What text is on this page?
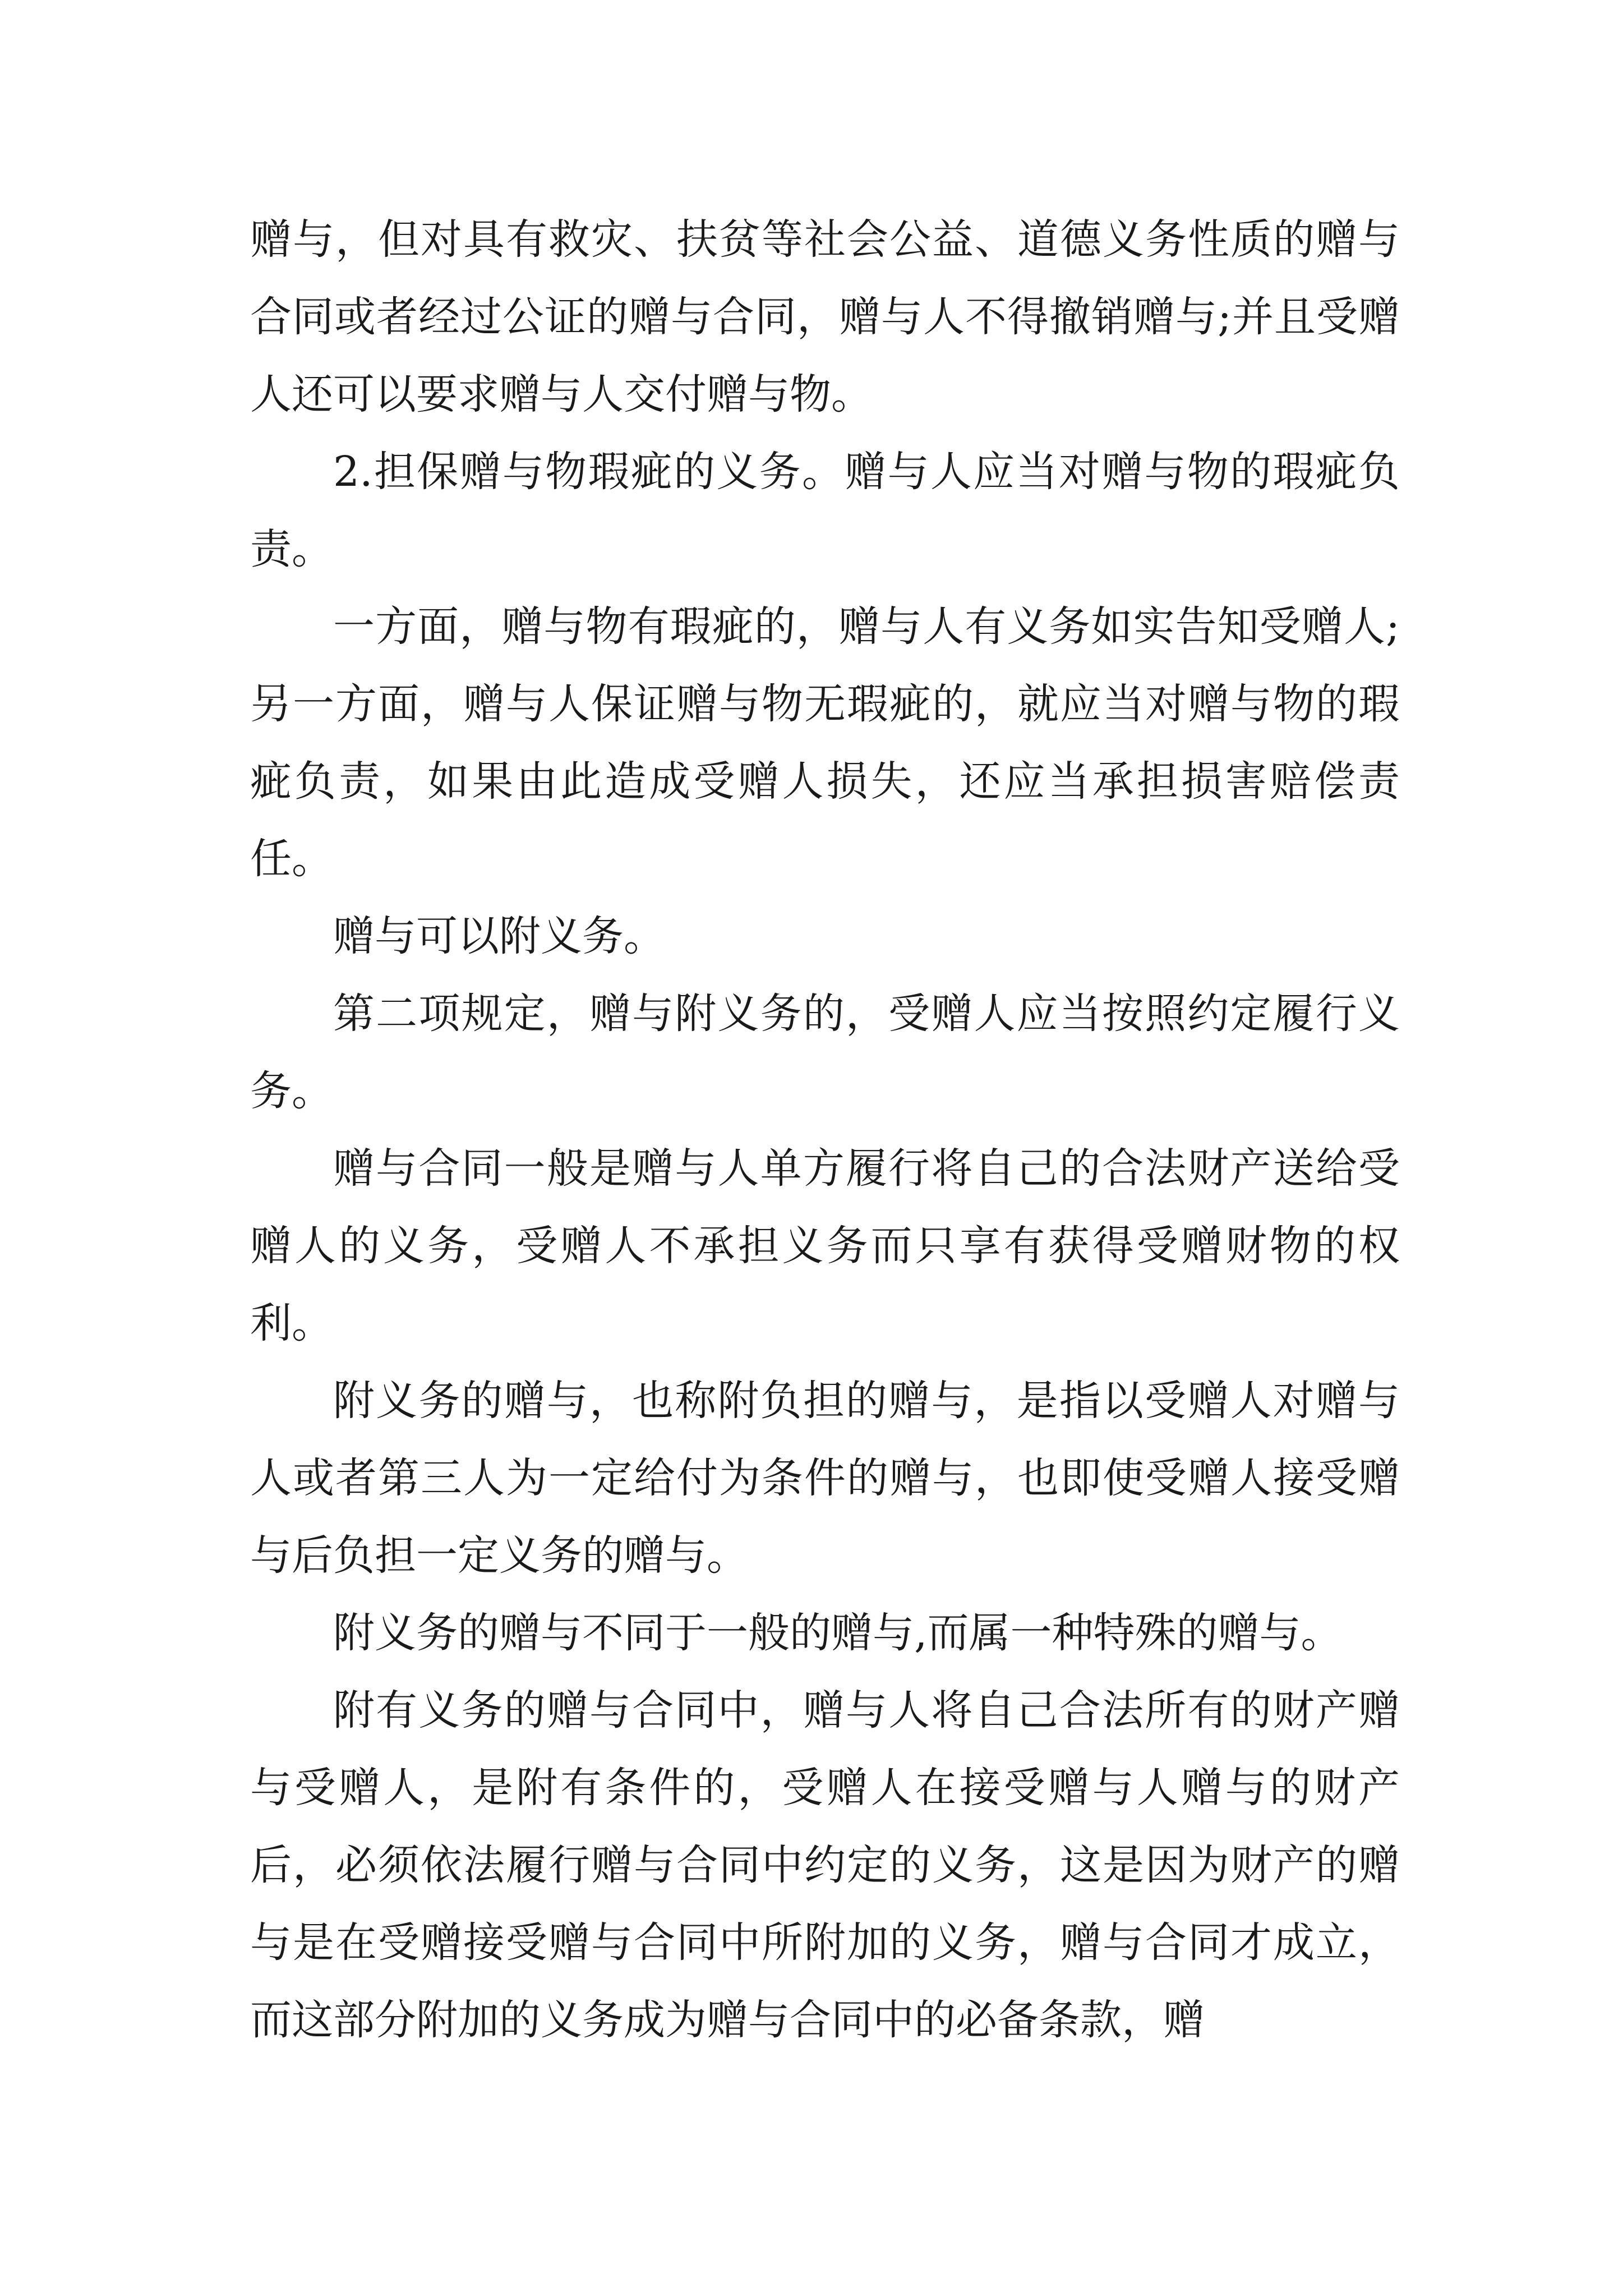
赠与，但对具有救灾、扶贫等社会公益、道德义务性质的赠与合同或者经过公证的赠与合同，赠与人不得撤销赠与;并且受赠人还可以要求赠与人交付赠与物。

2.担保赠与物瑕疵的义务。赠与人应当对赠与物的瑕疵负责。

一方面，赠与物有瑕疵的，赠与人有义务如实告知受赠人;另一方面，赠与人保证赠与物无瑕疵的，就应当对赠与物的瑕疵负责，如果由此造成受赠人损失，还应当承担损害赔偿责任。

赠与可以附义务。

第二项规定，赠与附义务的，受赠人应当按照约定履行义务。

赠与合同一般是赠与人单方履行将自己的合法财产送给受赠人的义务，受赠人不承担义务而只享有获得受赠财物的权利。

附义务的赠与，也称附负担的赠与，是指以受赠人对赠与人或者第三人为一定给付为条件的赠与，也即使受赠人接受赠与后负担一定义务的赠与。

附义务的赠与不同于一般的赠与,而属一种特殊的赠与。

附有义务的赠与合同中，赠与人将自己合法所有的财产赠与受赠人，是附有条件的，受赠人在接受赠与人赠与的财产后，必须依法履行赠与合同中约定的义务，这是因为财产的赠与是在受赠接受赠与合同中所附加的义务，赠与合同才成立，而这部分附加的义务成为赠与合同中的必备条款，赠
